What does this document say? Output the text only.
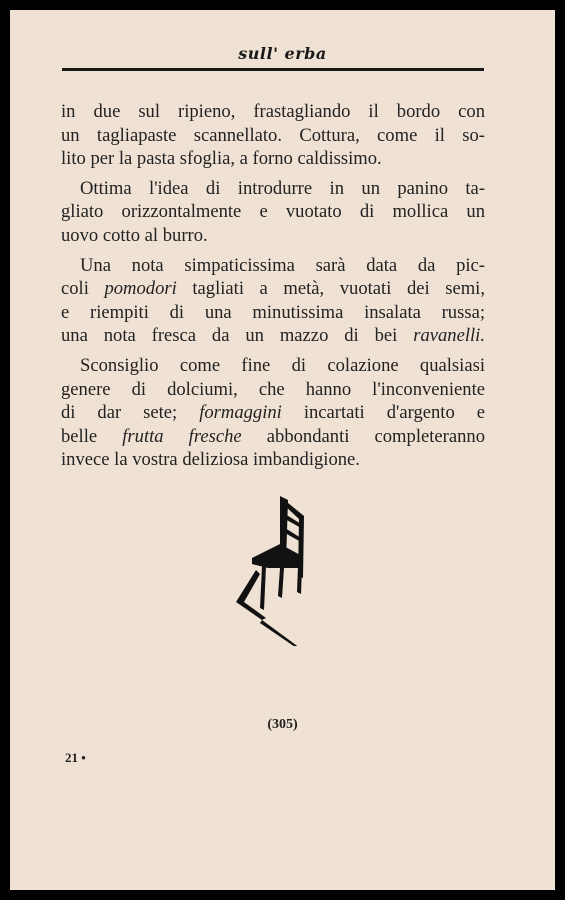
sull' erba

in due sul ripieno, frastagliando il bordo con
un tagliapaste scannellato. Cottura, come il so-
lito per la pasta sfoglia, a forno caldissimo.

Ottima l'idea di introdurre in un panino ta-
gliato orizzontalmente e vuotato di mollica un
uovo cotto al burro.

Una nota simpaticissima sarà data da pic-
coli pomodori tagliati a metà, vuotati dei semi,
e riempiti di una minutissima insalata russa;
una nota fresca da un mazzo di bei ravanelli.

Sconsiglio come fine di colazione qualsiasi
genere di dolciumi, che hanno l'inconveniente
di dar sete; formaggini incartati d'argento e
belle frutta fresche abbondanti completeranno
invece la vostra deliziosa imbandigione.

(305)
21 •
